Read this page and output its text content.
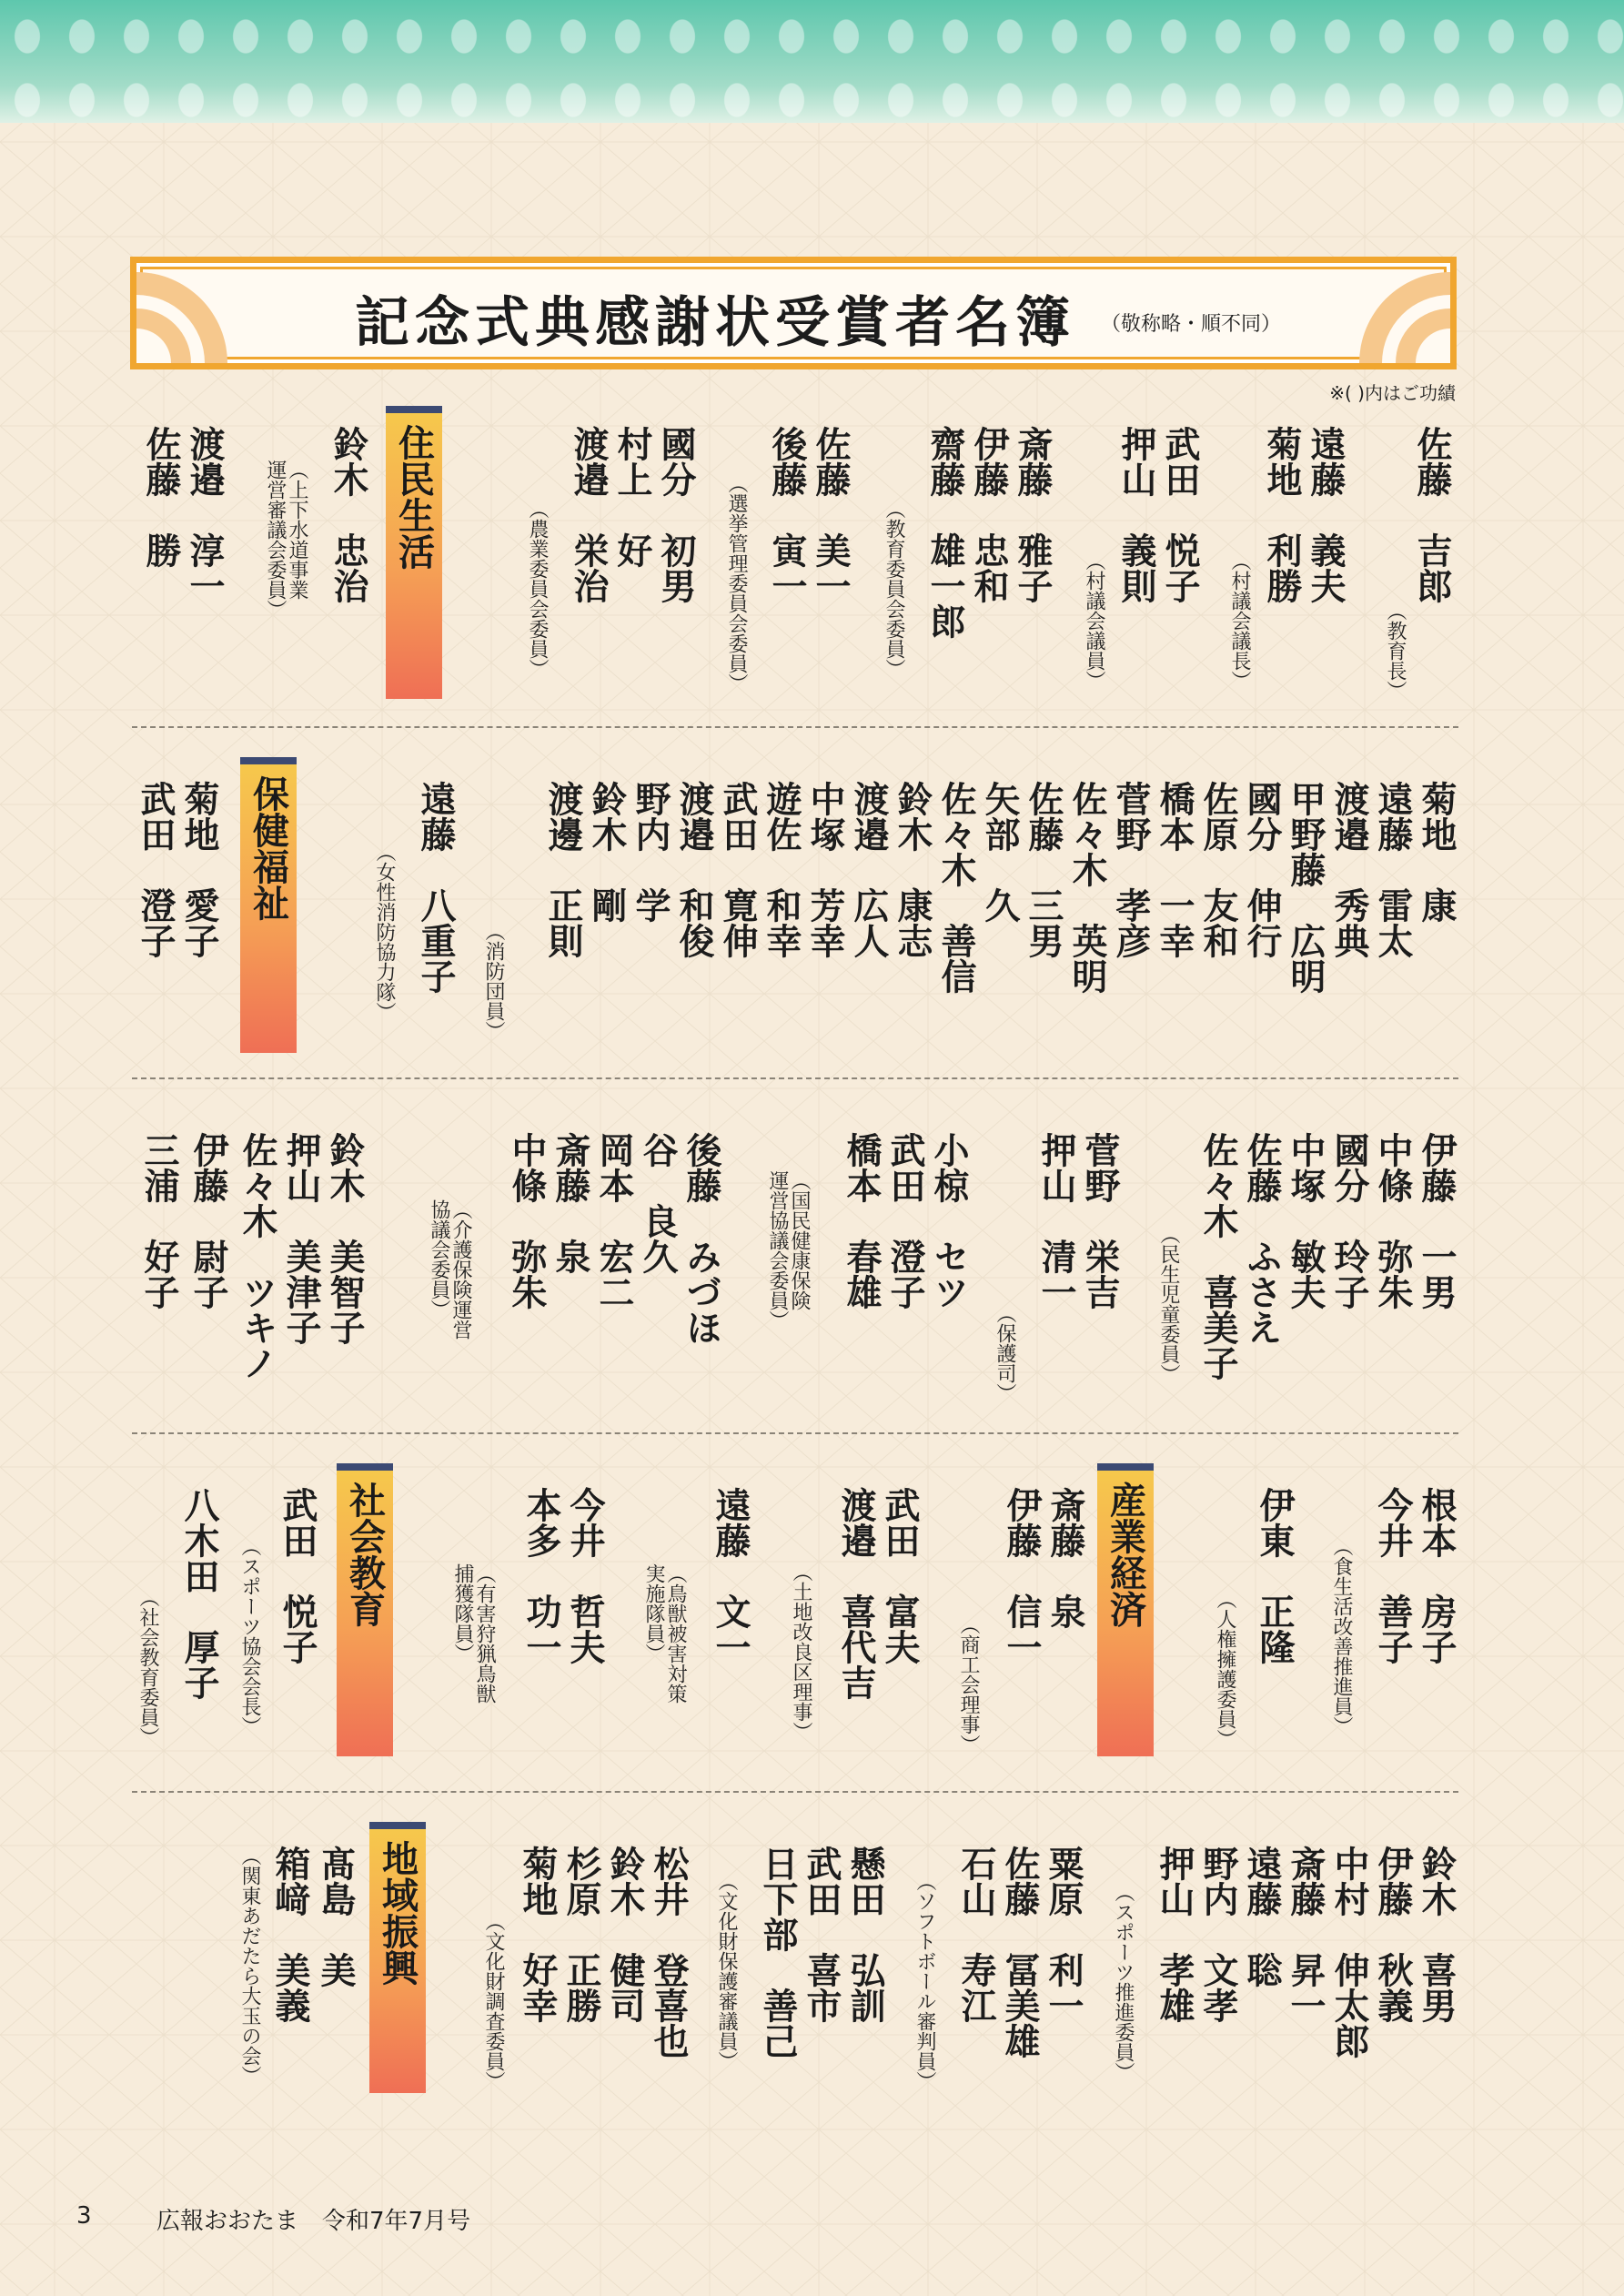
記念式典感謝状受賞者名簿 （敬称略・順不同）
※( )内はご功績
佐藤　吉郎
（教育長）
遠藤　義夫
菊地　利勝
（村議会議長）
武田　悦子
押山　義則
（村議会議員）
斎藤　雅子
伊藤　忠和
齋藤　雄一郎
（教育委員会委員）
佐藤　美一
後藤　寅一
（選挙管理委員会委員）
國分　初男
村上　好
渡邉　栄治
（農業委員会委員）
住民生活
鈴木　忠治
（上下水道事業
運営審議会委員）
渡邉　淳一
佐藤　勝
菊地　康
遠藤　雷太
渡邉　秀典
甲野藤　広明
國分　伸行
佐原　友和
橋本　一幸
菅野　孝彦
佐々木　英明
佐藤　三男
矢部　久
佐々木　善信
鈴木　康志
渡邉　広人
中塚　芳幸
遊佐　和幸
武田　寛伸
渡邉　和俊
野内　学
鈴木　剛
渡邊　正則
（消防団員）
遠藤　八重子
（女性消防協力隊）
保健福祉
菊地　愛子
武田　澄子
伊藤　一男
中條　弥朱
國分　玲子
中塚　敏夫
佐藤　ふさえ
佐々木　喜美子
（民生児童委員）
菅野　栄吉
押山　清一
（保護司）
小椋　セツ
武田　澄子
橋本　春雄
（国民健康保険
運営協議会委員）
後藤　みづほ
谷　良久
岡本　宏二
斎藤　泉
中條　弥朱
（介護保険運営
協議会委員）
鈴木　美智子
押山　美津子
佐々木　ツキノ
伊藤　尉子
三浦　好子
根本　房子
今井　善子
（食生活改善推進員）
伊東　正隆
（人権擁護委員）
産業経済
斎藤　泉
伊藤　信一
（商工会理事）
武田　富夫
渡邉　喜代吉
（土地改良区理事）
遠藤　文一
（鳥獣被害対策
実施隊員）
今井　哲夫
本多　功一
（有害狩猟鳥獣
捕獲隊員）
社会教育
武田　悦子
（スポーツ協会会長）
八木田　厚子
（社会教育委員）
鈴木　喜男
伊藤　秋義
中村　伸太郎
斎藤　昇一
遠藤　聡
野内　文孝
押山　孝雄
（スポーツ推進委員）
粟原　利一
佐藤　冨美雄
石山　寿江
（ソフトボール審判員）
懸田　弘訓
武田　喜市
日下部　善己
（文化財保護審議員）
松井　登喜也
鈴木　健司
杉原　正勝
菊地　好幸
（文化財調査委員）
地域振興
髙島　美
箱﨑　美義
（関東あだたら大玉の会）
3	広報おおたま　令和7年7月号
